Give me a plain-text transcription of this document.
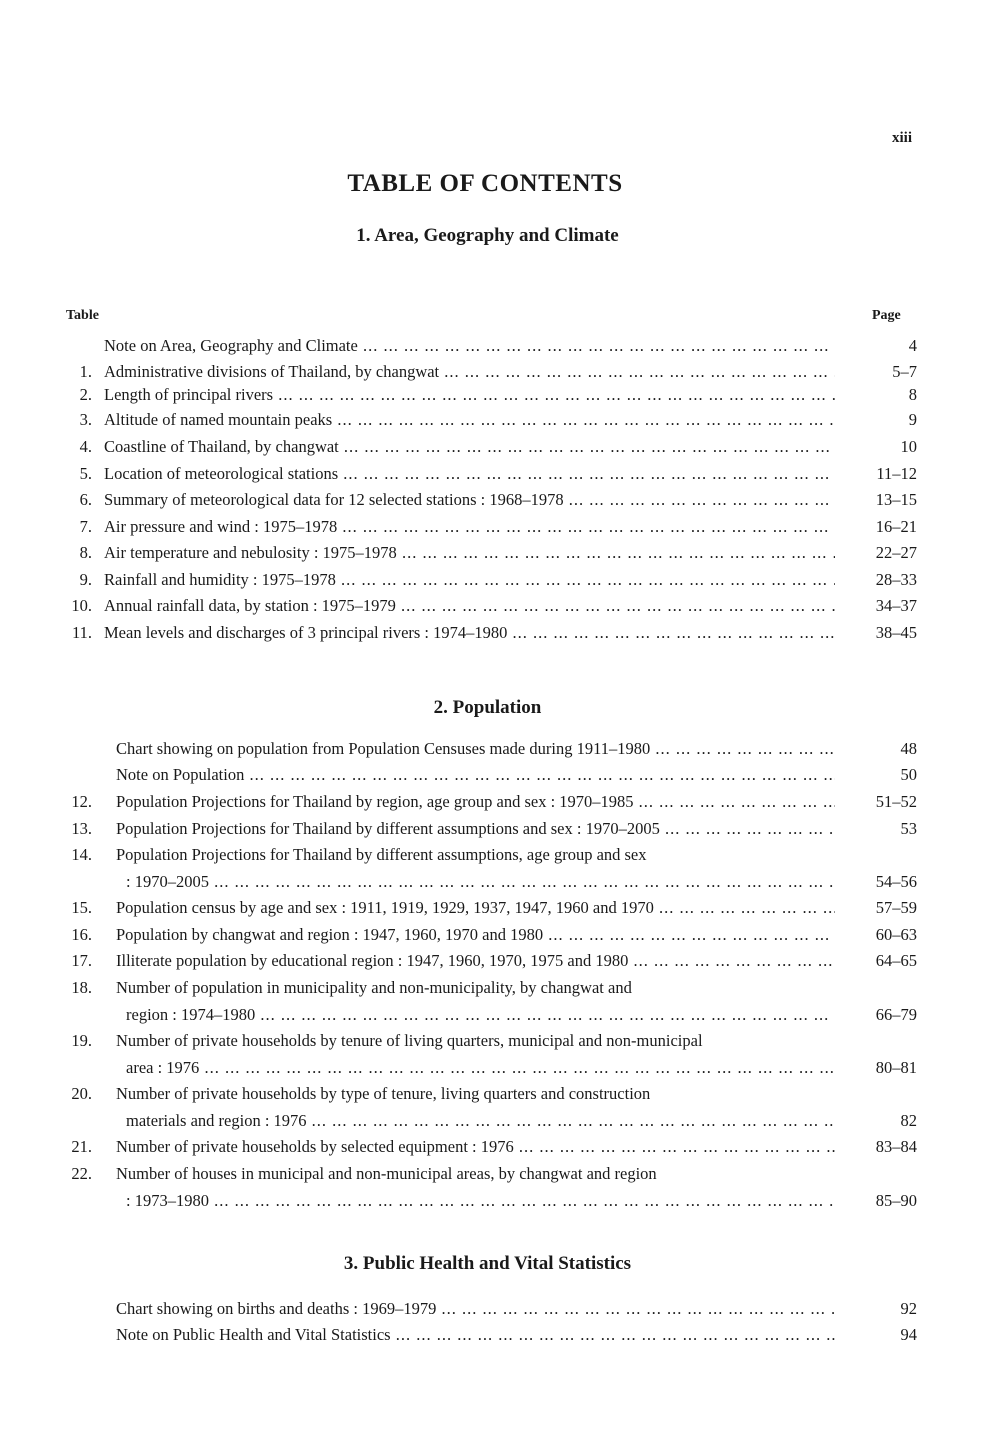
xiii
TABLE OF CONTENTS
1. Area, Geography and Climate
Table	Page
Note on Area, Geography and Climate ... .	4
1. Administrative divisions of Thailand, by changwat ... .	5–7
2. Length of principal rivers ... .	8
3. Altitude of named mountain peaks ... .	9
4. Coastline of Thailand, by changwat ... .	10
5. Location of meteorological stations ... .	11–12
6. Summary of meteorological data for 12 selected stations : 1968–1978 ... .	13–15
7. Air pressure and wind : 1975–1978 ... .	16–21
8. Air temperature and nebulosity : 1975–1978 ... .	22–27
9. Rainfall and humidity : 1975–1978 ... .	28–33
10. Annual rainfall data, by station : 1975–1979 ... .	34–37
11. Mean levels and discharges of 3 principal rivers : 1974–1980 ... .	38–45
2. Population
Chart showing on population from Population Censuses made during 1911–1980 ... .	48
Note on Population ... .	50
12. Population Projections for Thailand by region, age group and sex : 1970–1985 ... .	51–52
13. Population Projections for Thailand by different assumptions and sex : 1970–2005 ... .	53
14. Population Projections for Thailand by different assumptions, age group and sex
: 1970–2005 ... .	54–56
15. Population census by age and sex : 1911, 1919, 1929, 1937, 1947, 1960 and 1970 ... .	57–59
16. Population by changwat and region : 1947, 1960, 1970 and 1980 ... .	60–63
17. Illiterate population by educational region : 1947, 1960, 1970, 1975 and 1980 ... .	64–65
18. Number of population in municipality and non-municipality, by changwat and
region : 1974–1980 ... .	66–79
19. Number of private households by tenure of living quarters, municipal and non-municipal
area : 1976 ... .	80–81
20. Number of private households by type of tenure, living quarters and construction
materials and region : 1976 ... .	82
21. Number of private households by selected equipment : 1976 ... .	83–84
22. Number of houses in municipal and non-municipal areas, by changwat and region
: 1973–1980 ... .	85–90
3. Public Health and Vital Statistics
Chart showing on births and deaths : 1969–1979 ... .	92
Note on Public Health and Vital Statistics ... .	94
